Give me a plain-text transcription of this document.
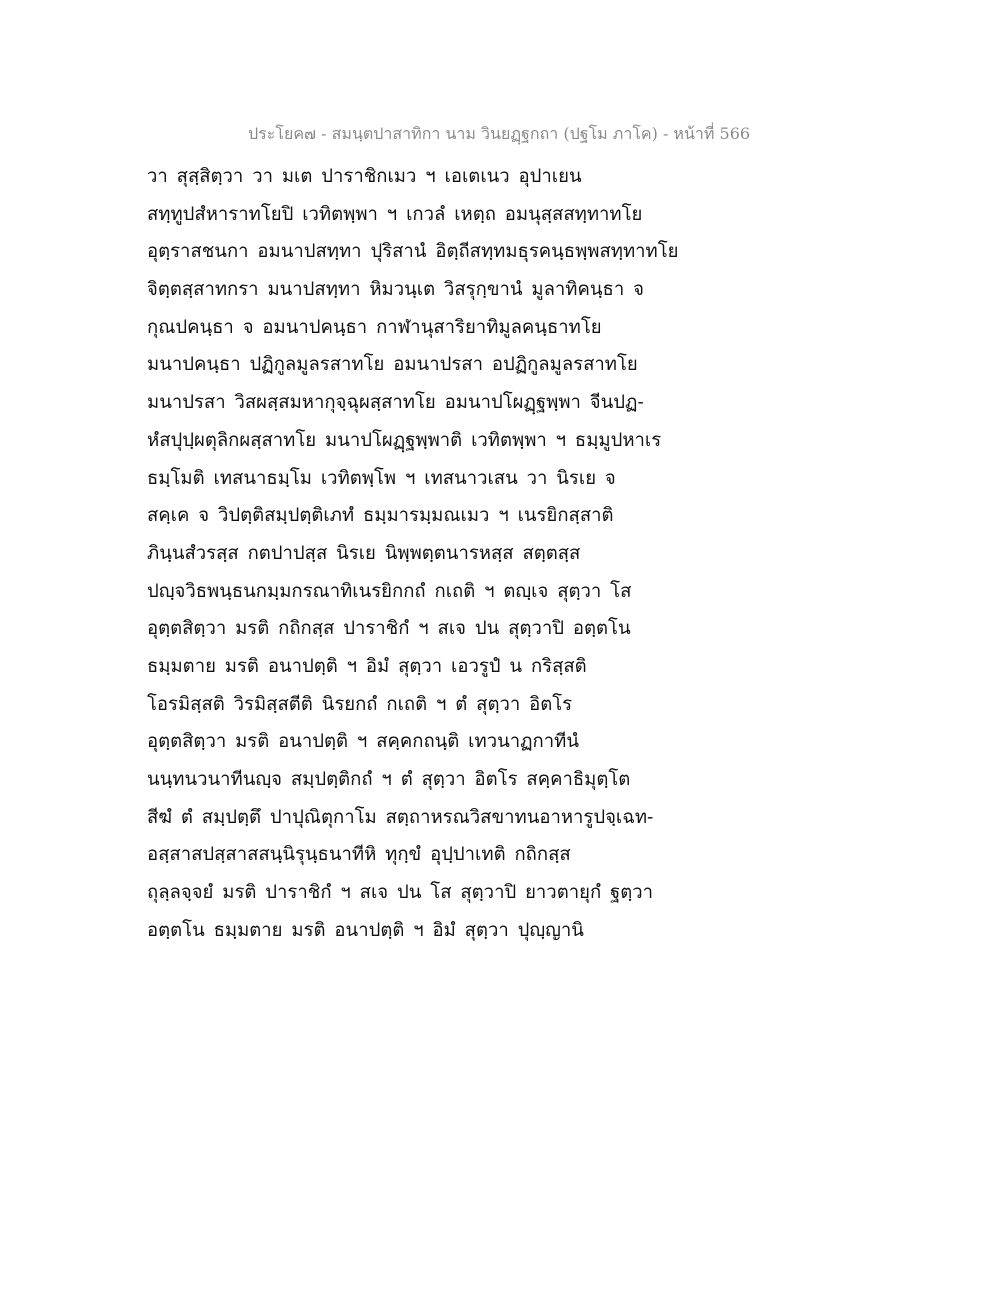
ประโยค๗ - สมนฺตปาสาทิกา นาม วินยฏฺฐกถา (ปฐโม ภาโค) - หน้าที่ 566
วา สุสฺสิตฺวา วา มเต ปาราชิกเมว ฯ เอเตเนว อุปาเยน
สทฺทูปสํหาราทโยปิ เวทิตพฺพา ฯ เกวลํ เหตฺถ อมนุสฺสสทฺทาทโย
อุตฺราสชนกา อมนาปสทฺทา ปุริสานํ อิตฺถีสทฺทมธุรคนฺธพฺพสทฺทาทโย
จิตฺตสฺสาทกรา มนาปสทฺทา หิมวนฺเต วิสรุกฺขานํ มูลาทิคนฺธา จ
กุณปคนฺธา จ อมนาปคนฺธา กาฬานุสาริยาทิมูลคนฺธาทโย
มนาปคนฺธา ปฏิกูลมูลรสาทโย อมนาปรสา อปฏิกูลมูลรสาทโย
มนาปรสา วิสผสฺสมหากุจฺฉุผสฺสาทโย อมนาปโผฏฺฐพฺพา จีนปฏ-
หํสปุปฺผตุลิกผสฺสาทโย มนาปโผฏฺฐพฺพาติ เวทิตพฺพา ฯ ธมฺมูปหาเร
ธมฺโมติ เทสนาธมฺโม เวทิตพฺโพ ฯ เทสนาวเสน วา นิรเย จ
สคฺเค จ วิปตฺติสมฺปตฺติเภทํ ธมฺมารมฺมณเมว ฯ เนรยิกสฺสาติ
ภินฺนสํวรสฺส กตปาปสฺส นิรเย นิพฺพตฺตนารหสฺส สตฺตสฺส
ปญฺจวิธพนฺธนกมฺมกรณาทิเนรยิกกถํ กเถติ ฯ ตญฺเจ สุตฺวา โส
อุตฺตสิตฺวา มรติ กถิกสฺส ปาราชิกํ ฯ สเจ ปน สุตฺวาปิ อตฺตโน
ธมฺมตาย มรติ อนาปตฺติ ฯ อิมํ สุตฺวา เอวรูปํ น กริสฺสติ
โอรมิสฺสติ วิรมิสฺสตีติ นิรยกถํ กเถติ ฯ ตํ สุตฺวา อิตโร
อุตฺตสิตฺวา มรติ อนาปตฺติ ฯ สคฺคกถนฺติ เทวนาฏกาทีนํ
นนฺทนวนาทีนญฺจ สมฺปตฺติกถํ ฯ ตํ สุตฺวา อิตโร สคฺคาธิมุตฺโต
สีฆํ ตํ สมฺปตฺตึ ปาปุณิตุกาโม สตฺถาหรณวิสขาทนอาหารูปจฺเฉท-
อสฺสาสปสฺสาสสนฺนิรุนฺธนาทีหิ ทุกฺขํ อุปฺปาเทติ กถิกสฺส
ถุลฺลจฺจยํ มรติ ปาราชิกํ ฯ สเจ ปน โส สุตฺวาปิ ยาวตายุกํ ฐตฺวา
อตฺตโน ธมฺมตาย มรติ อนาปตฺติ ฯ อิมํ สุตฺวา ปุญฺญานิ
